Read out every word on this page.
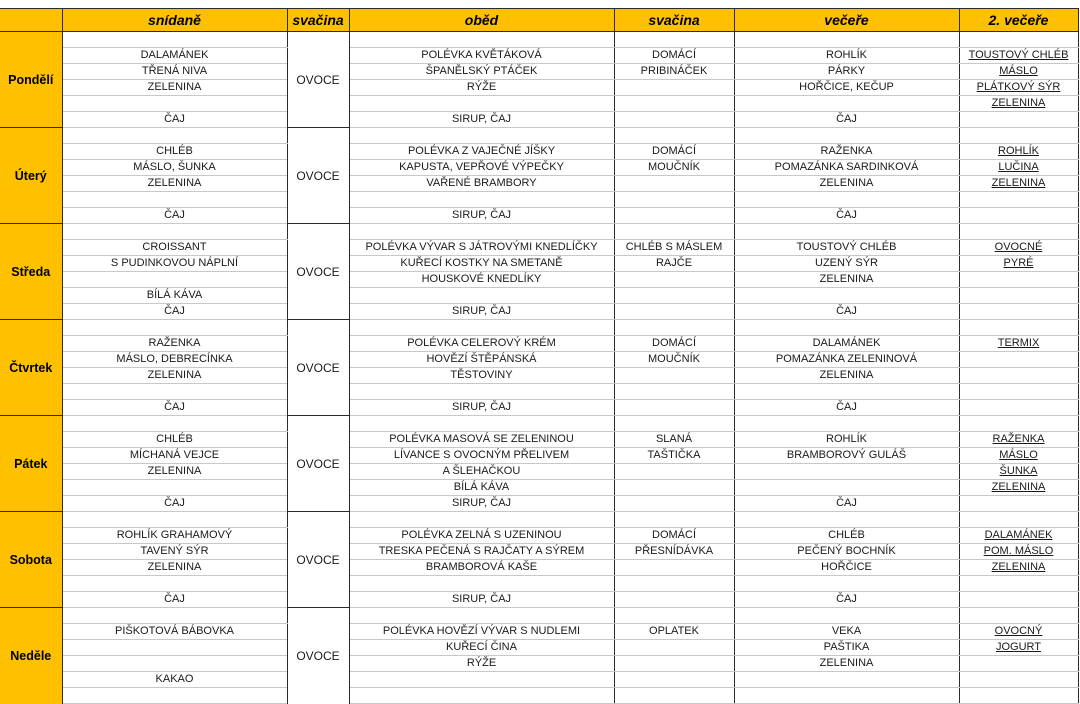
	snídaně	svačina	oběd	svačina	večeře	2. večeře
Pondělí		OVOCE				
	DALAMÁNEK		POLÉVKA KVĚTÁKOVÁ	DOMÁCÍ	ROHLÍK	TOUSTOVÝ CHLÉB
	TŘENÁ NIVA		ŠPANĚLSKÝ PTÁČEK	PRIBINÁČEK	PÁRKY	MÁSLO
	ZELENINA		RÝŽE		HOŘČICE, KEČUP	PLÁTKOVÝ SÝR
						ZELENINA
	ČAJ		SIRUP, ČAJ		ČAJ	
Úterý		OVOCE				
	CHLÉB		POLÉVKA Z VAJEČNÉ JÍŠKY	DOMÁCÍ	RAŽENKA	ROHLÍK
	MÁSLO, ŠUNKA		KAPUSTA, VEPŘOVÉ VÝPEČKY	MOUČNÍK	POMAZÁNKA SARDINKOVÁ	LUČINA
	ZELENINA		VAŘENÉ BRAMBORY		ZELENINA	ZELENINA

	ČAJ		SIRUP, ČAJ		ČAJ	
Středa		OVOCE				
	CROISSANT		POLÉVKA VÝVAR S JÁTROVÝMI KNEDLÍČKY	CHLÉB S MÁSLEM	TOUSTOVÝ CHLÉB	OVOCNÉ
	S PUDINKOVOU NÁPLNÍ		KUŘECÍ KOSTKY NA SMETANĚ	RAJČE	UZENÝ SÝR	PYRÉ
			HOUSKOVÉ KNEDLÍKY		ZELENINA	
	BÍLÁ KÁVA					
	ČAJ		SIRUP, ČAJ		ČAJ	
Čtvrtek		OVOCE				
	RAŽENKA		POLÉVKA CELEROVÝ KRÉM	DOMÁCÍ	DALAMÁNEK	TERMIX
	MÁSLO, DEBRECÍNKA		HOVĚZÍ ŠTĚPÁNSKÁ	MOUČNÍK	POMAZÁNKA ZELENINOVÁ	
	ZELENINA		TĚSTOVINY		ZELENINA	

	ČAJ		SIRUP, ČAJ		ČAJ	
Pátek		OVOCE				
	CHLÉB		POLÉVKA MASOVÁ SE ZELENINOU	SLANÁ	ROHLÍK	RAŽENKA
	MÍCHANÁ VEJCE		LÍVANCE S OVOCNÝM PŘELIVEM	TAŠTIČKA	BRAMBOROVÝ GULÁŠ	MÁSLO
	ZELENINA		A ŠLEHAČKOU			ŠUNKA
			BÍLÁ KÁVA			ZELENINA
	ČAJ		SIRUP, ČAJ		ČAJ	
Sobota		OVOCE				
	ROHLÍK GRAHAMOVÝ		POLÉVKA ZELNÁ S UZENINOU	DOMÁCÍ	CHLÉB	DALAMÁNEK
	TAVENÝ SÝR		TRESKA PEČENÁ S RAJČATY A SÝREM	PŘESNÍDÁVKA	PEČENÝ BOCHNÍK	POM. MÁSLO
	ZELENINA		BRAMBOROVÁ KAŠE		HOŘČICE	ZELENINA

	ČAJ		SIRUP, ČAJ		ČAJ	
Neděle		OVOCE				
	PIŠKOTOVÁ BÁBOVKA		POLÉVKA HOVĚZÍ VÝVAR S NUDLEMI	OPLATEK	VEKA	OVOCNÝ
			KUŘECÍ ČINA		PAŠTIKA	JOGURT
			RÝŽE		ZELENINA	
	KAKAO					
